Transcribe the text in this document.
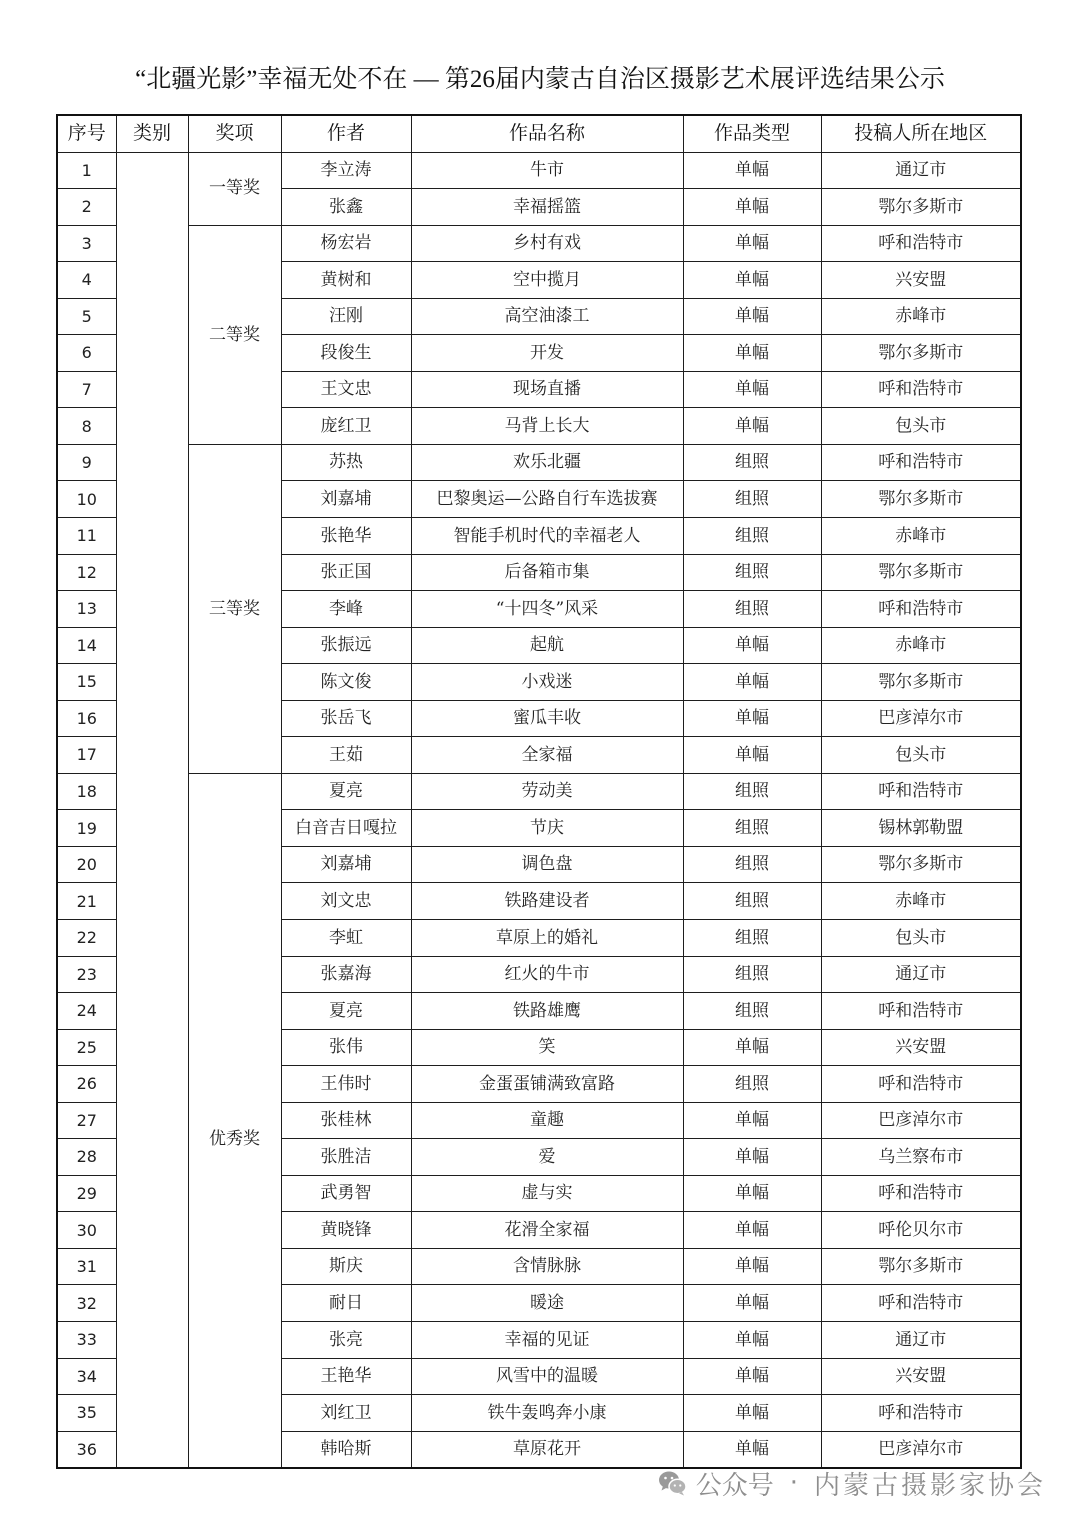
“北疆光影”幸福无处不在 — 第26届内蒙古自治区摄影艺术展评选结果公示
序号	类别	奖项	作者	作品名称	作品类型	投稿人所在地区
1		一等奖	李立涛	牛市	单幅	通辽市
2			张鑫	幸福摇篮	单幅	鄂尔多斯市
3		二等奖	杨宏岩	乡村有戏	单幅	呼和浩特市
4			黄树和	空中揽月	单幅	兴安盟
5			汪刚	高空油漆工	单幅	赤峰市
6			段俊生	开发	单幅	鄂尔多斯市
7			王文忠	现场直播	单幅	呼和浩特市
8			庞红卫	马背上长大	单幅	包头市
9		三等奖	苏热	欢乐北疆	组照	呼和浩特市
10			刘嘉埔	巴黎奥运—公路自行车选拔赛	组照	鄂尔多斯市
11			张艳华	智能手机时代的幸福老人	组照	赤峰市
12			张正国	后备箱市集	组照	鄂尔多斯市
13			李峰	“十四冬”风采	组照	呼和浩特市
14			张振远	起航	单幅	赤峰市
15			陈文俊	小戏迷	单幅	鄂尔多斯市
16			张岳飞	蜜瓜丰收	单幅	巴彦淖尔市
17			王茹	全家福	单幅	包头市
18		优秀奖	夏亮	劳动美	组照	呼和浩特市
19			白音吉日嘎拉	节庆	组照	锡林郭勒盟
20			刘嘉埔	调色盘	组照	鄂尔多斯市
21			刘文忠	铁路建设者	组照	赤峰市
22			李虹	草原上的婚礼	组照	包头市
23			张嘉海	红火的牛市	组照	通辽市
24			夏亮	铁路雄鹰	组照	呼和浩特市
25			张伟	笑	单幅	兴安盟
26			王伟时	金蛋蛋铺满致富路	组照	呼和浩特市
27			张桂林	童趣	单幅	巴彦淖尔市
28			张胜洁	爱	单幅	乌兰察布市
29			武勇智	虚与实	单幅	呼和浩特市
30			黄晓锋	花滑全家福	单幅	呼伦贝尔市
31			斯庆	含情脉脉	单幅	鄂尔多斯市
32			耐日	暖途	单幅	呼和浩特市
33			张亮	幸福的见证	单幅	通辽市
34			王艳华	风雪中的温暖	单幅	兴安盟
35			刘红卫	铁牛轰鸣奔小康	单幅	呼和浩特市
36			韩哈斯	草原花开	单幅	巴彦淖尔市
公众号 · 内蒙古摄影家协会
